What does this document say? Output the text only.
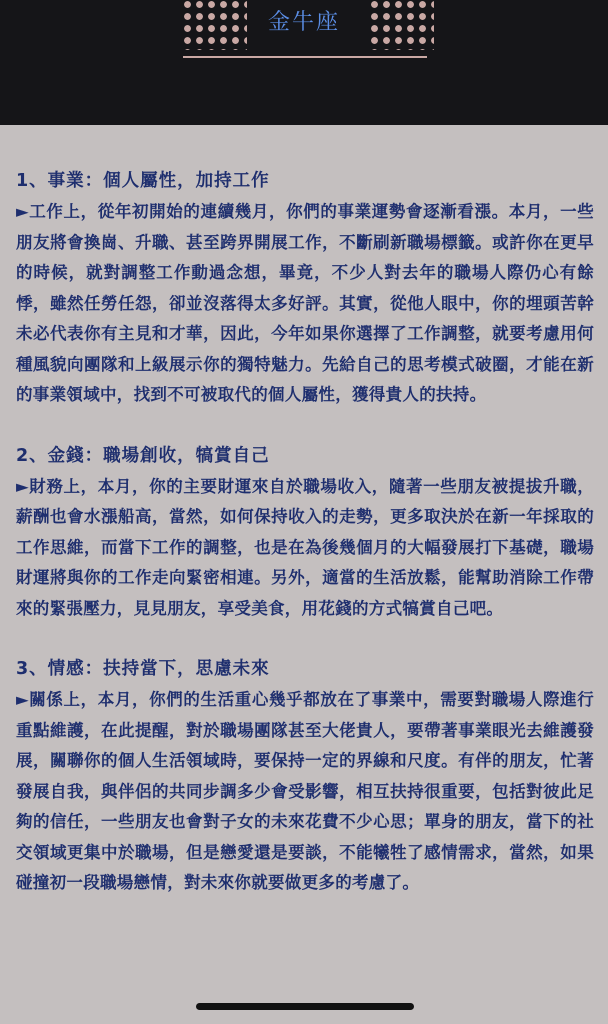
金牛座

1、事業：個人屬性，加持工作

►工作上，從年初開始的連續幾月，你們的事業運勢會逐漸看漲。本月，一些朋友將會換崗、升職、甚至跨界開展工作，不斷刷新職場標籤。或許你在更早的時候，就對調整工作動過念想，畢竟，不少人對去年的職場人際仍心有餘悸，雖然任勞任怨，卻並沒落得太多好評。其實，從他人眼中，你的埋頭苦幹未必代表你有主見和才華，因此，今年如果你選擇了工作調整，就要考慮用何種風貌向團隊和上級展示你的獨特魅力。先給自己的思考模式破圈，才能在新的事業領域中，找到不可被取代的個人屬性，獲得貴人的扶持。

2、金錢：職場創收，犒賞自己

►財務上，本月，你的主要財運來自於職場收入，隨著一些朋友被提拔升職，薪酬也會水漲船高，當然，如何保持收入的走勢，更多取決於在新一年採取的工作思維，而當下工作的調整，也是在為後幾個月的大幅發展打下基礎，職場財運將與你的工作走向緊密相連。另外，適當的生活放鬆，能幫助消除工作帶來的緊張壓力，見見朋友，享受美食，用花錢的方式犒賞自己吧。

3、情感：扶持當下，思慮未來

►關係上，本月，你們的生活重心幾乎都放在了事業中，需要對職場人際進行重點維護，在此提醒，對於職場團隊甚至大佬貴人，要帶著事業眼光去維護發展，關聯你的個人生活領域時，要保持一定的界線和尺度。有伴的朋友，忙著發展自我，與伴侶的共同步調多少會受影響，相互扶持很重要，包括對彼此足夠的信任，一些朋友也會對子女的未來花費不少心思；單身的朋友，當下的社交領域更集中於職場，但是戀愛還是要談，不能犧牲了感情需求，當然，如果碰撞初一段職場戀情，對未來你就要做更多的考慮了。
